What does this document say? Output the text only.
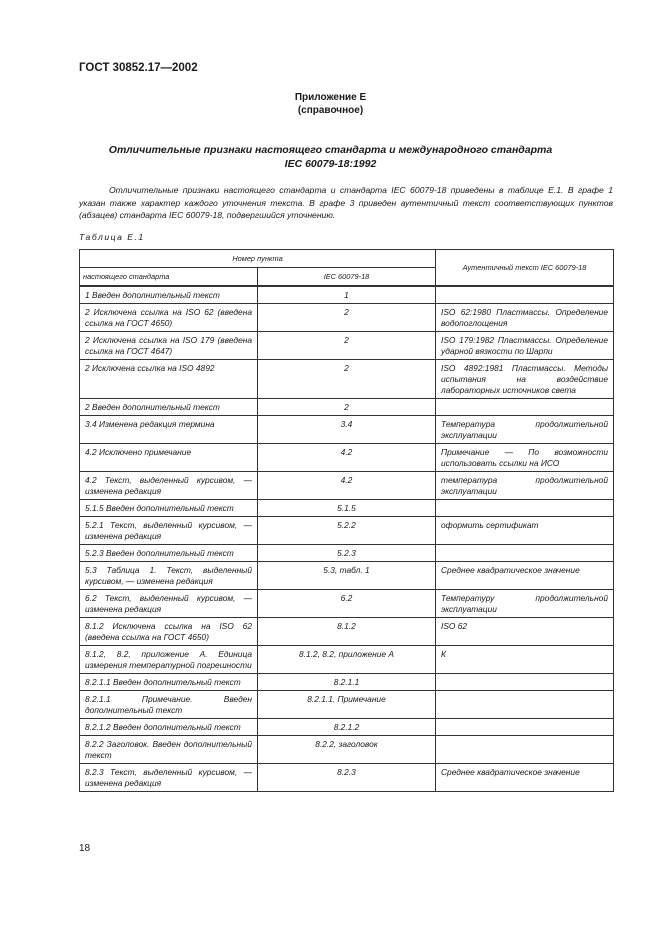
ГОСТ 30852.17—2002
Приложение Е
(справочное)
Отличительные признаки настоящего стандарта и международного стандарта
IEC 60079-18:1992

Отличительные признаки настоящего стандарта и стандарта IEC 60079-18 приведены в таблице Е.1. В графе 1 указан также характер каждого уточнения текста. В графе 3 приведен аутентичный текст соответствующих пунктов (абзацев) стандарта IEC 60079-18, подвергшийся уточнению.

Таблица Е.1
Номер пункта		Аутентичный текст IEC 60079-18
настоящего стандарта	IEC 60079-18	
1 Введен дополнительный текст	1	
2 Исключена ссылка на ISO 62 (введена ссылка на ГОСТ 4650)	2	ISO 62:1980 Пластмассы. Определение водопоглощения
2 Исключена ссылка на ISO 179 (введена ссылка на ГОСТ 4647)	2	ISO 179:1982 Пластмассы. Определение ударной вязкости по Шарпи
2 Исключена ссылка на ISO 4892	2	ISO 4892:1981 Пластмассы. Методы испытания на воздействие лабораторных источников света
2 Введен дополнительный текст	2	
3.4 Изменена редакция термина	3.4	Температура продолжительной эксплуатации
4.2 Исключено примечание	4.2	Примечание — По возможности использовать ссылки на ИСО
4.2 Текст, выделенный курсивом, — изменена редакция	4.2	температура продолжительной эксплуатации
5.1.5 Введен дополнительный текст	5.1.5	
5.2.1 Текст, выделенный курсивом, — изменена редакция	5.2.2	оформить сертификат
5.2.3 Введен дополнительный текст	5.2.3	
5.3 Таблица 1. Текст, выделенный курсивом, — изменена редакция	5.3, табл. 1	Среднее квадратическое значение
6.2 Текст, выделенный курсивом, — изменена редакция	6.2	Температуру продолжительной эксплуатации
8.1.2 Исключена ссылка на ISO 62 (введена ссылка на ГОСТ 4650)	8.1.2	ISO 62
8.1.2, 8.2, приложение А. Единица измерения температурной погрешности	8.1.2, 8.2, приложение А	К
8.2.1.1 Введен дополнительный текст	8.2.1.1	
8.2.1.1 Примечание. Введен дополнительный текст	8.2.1.1. Примечание	
8.2.1.2 Введен дополнительный текст	8.2.1.2	
8.2.2 Заголовок. Введен дополнительный текст	8.2.2, заголовок	
8.2.3 Текст, выделенный курсивом, — изменена редакция	8.2.3	Среднее квадратическое значение
18
